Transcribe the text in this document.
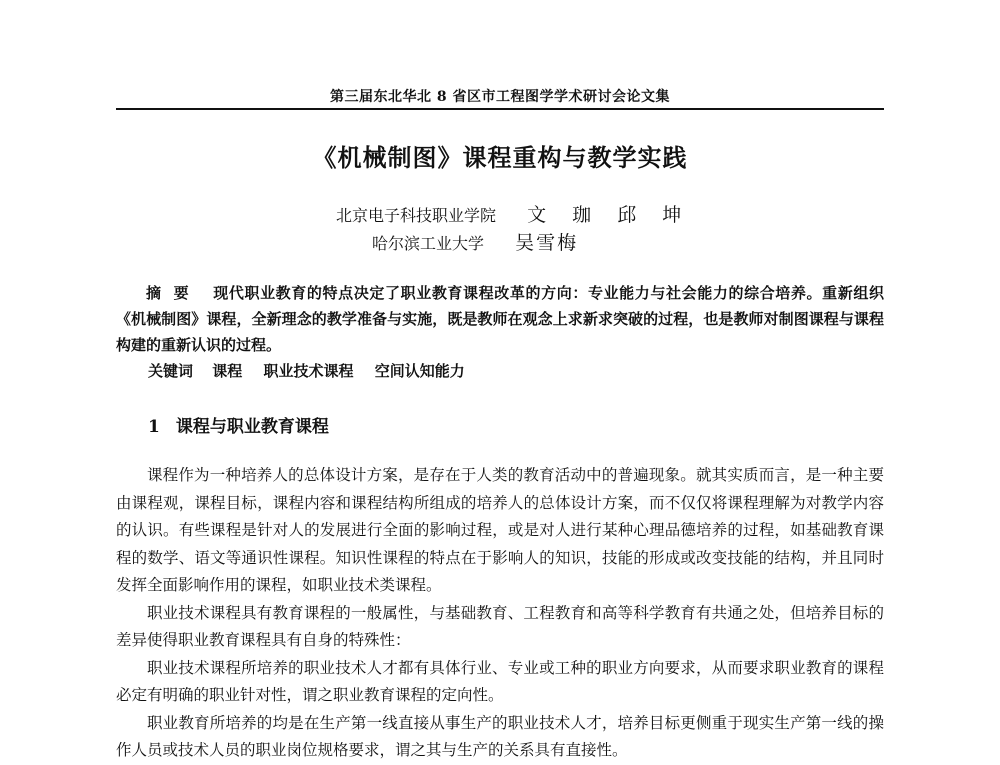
第三届东北华北 8 省区市工程图学学术研讨会论文集
《机械制图》课程重构与教学实践
北京电子科技职业学院 文 珈 邱 坤
哈尔滨工业大学 吴雪梅
摘要 现代职业教育的特点决定了职业教育课程改革的方向：专业能力与社会能力的综合培养。重新组织《机械制图》课程，全新理念的教学准备与实施，既是教师在观念上求新求突破的过程，也是教师对制图课程与课程构建的重新认识的过程。
关键词 课程 职业技术课程 空间认知能力
1 课程与职业教育课程

课程作为一种培养人的总体设计方案，是存在于人类的教育活动中的普遍现象。就其实质而言，是一种主要由课程观，课程目标，课程内容和课程结构所组成的培养人的总体设计方案，而不仅仅将课程理解为对教学内容的认识。有些课程是针对人的发展进行全面的影响过程，或是对人进行某种心理品德培养的过程，如基础教育课程的数学、语文等通识性课程。知识性课程的特点在于影响人的知识，技能的形成或改变技能的结构，并且同时发挥全面影响作用的课程，如职业技术类课程。

职业技术课程具有教育课程的一般属性，与基础教育、工程教育和高等科学教育有共通之处，但培养目标的差异使得职业教育课程具有自身的特殊性：

职业技术课程所培养的职业技术人才都有具体行业、专业或工种的职业方向要求，从而要求职业教育的课程必定有明确的职业针对性，谓之职业教育课程的定向性。

职业教育所培养的均是在生产第一线直接从事生产的职业技术人才，培养目标更侧重于现实生产第一线的操作人员或技术人员的职业岗位规格要求，谓之其与生产的关系具有直接性。
